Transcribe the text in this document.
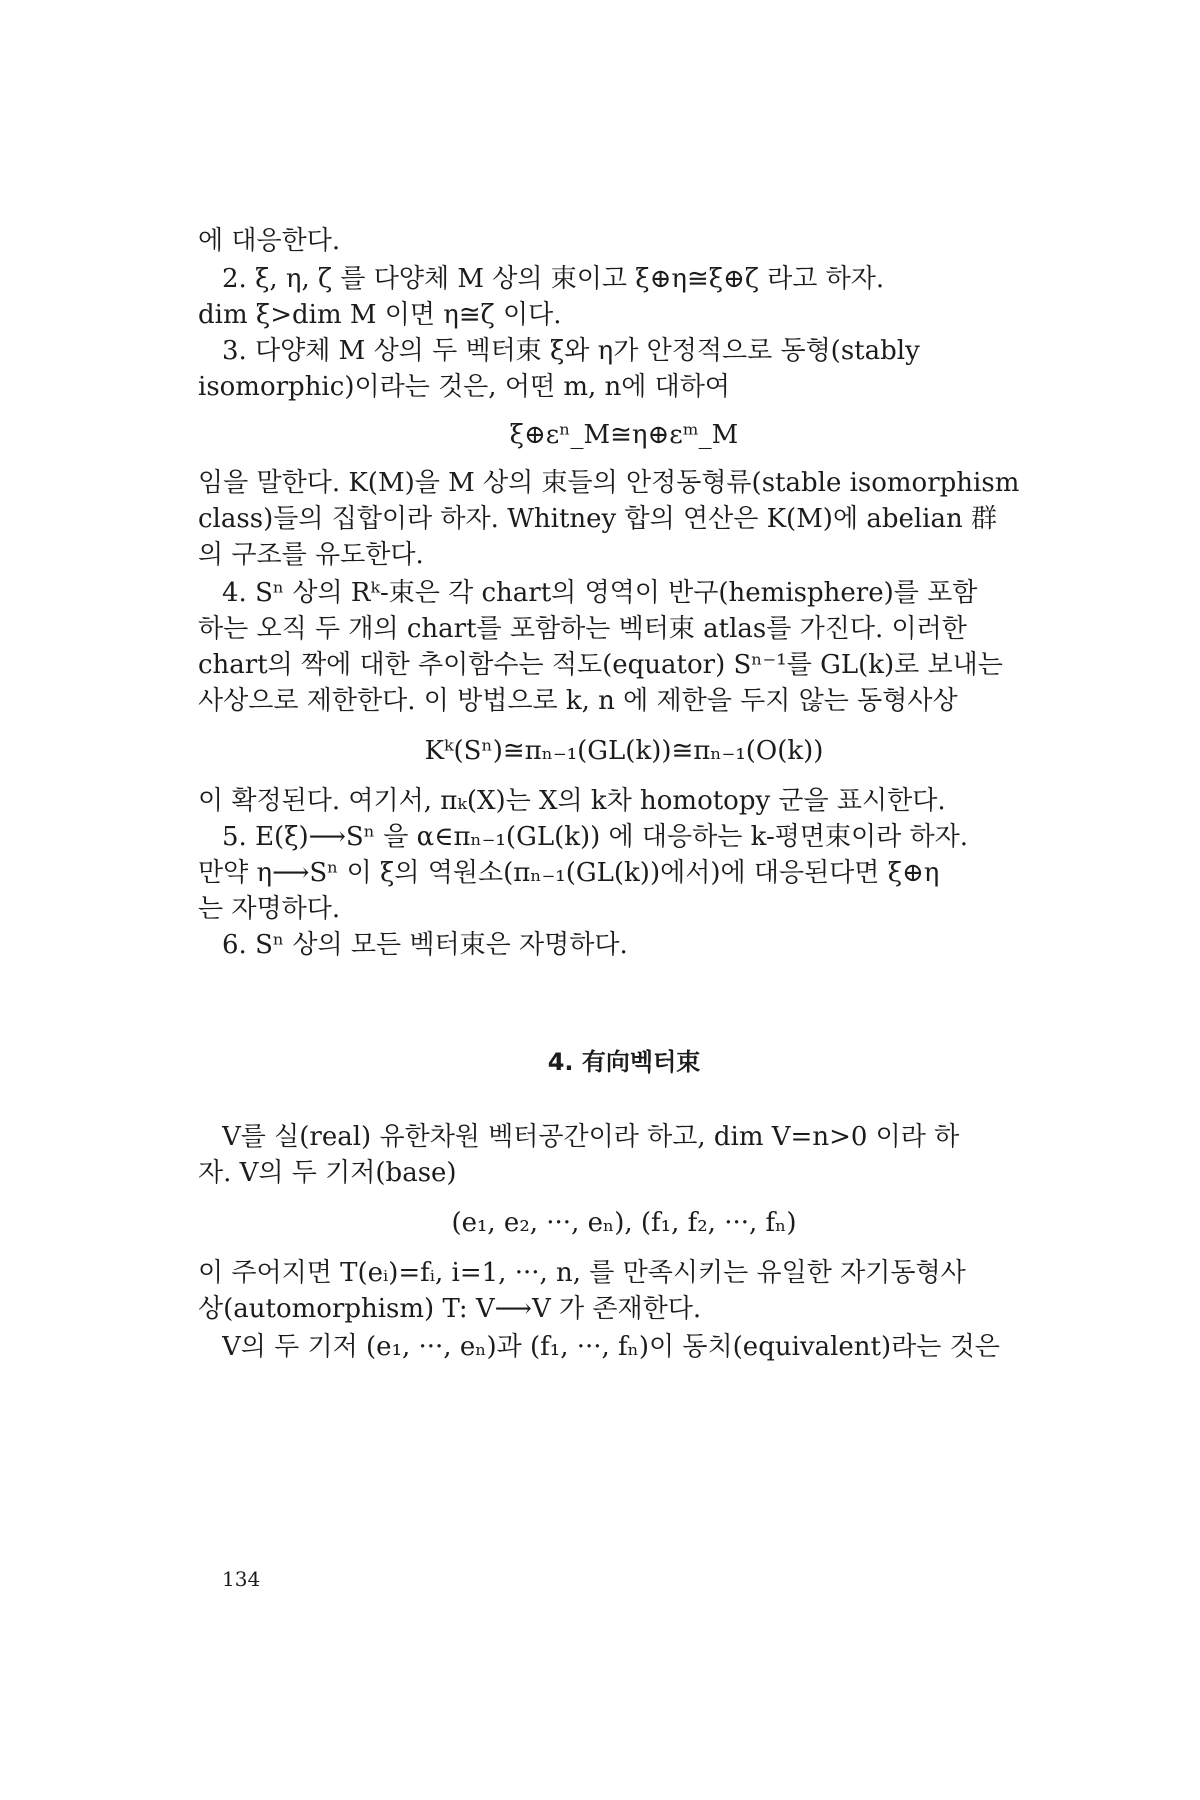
에 대응한다.
2. ξ, η, ζ 를 다양체 M 상의 束이고 ξ⊕η≅ξ⊕ζ 라고 하자.
dim ξ>dim M 이면 η≅ζ 이다.
3. 다양체 M 상의 두 벡터束 ξ와 η가 안정적으로 동형(stably
isomorphic)이라는 것은, 어떤 m, n에 대하여
ξ⊕εⁿ_M≅η⊕εᵐ_M
임을 말한다. K(M)을 M 상의 束들의 안정동형류(stable isomorphism
class)들의 집합이라 하자. Whitney 합의 연산은 K(M)에 abelian 群
의 구조를 유도한다.
4. Sⁿ 상의 Rᵏ-束은 각 chart의 영역이 반구(hemisphere)를 포함
하는 오직 두 개의 chart를 포함하는 벡터束 atlas를 가진다. 이러한
chart의 짝에 대한 추이함수는 적도(equator) Sⁿ⁻¹를 GL(k)로 보내는
사상으로 제한한다. 이 방법으로 k, n 에 제한을 두지 않는 동형사상
Kᵏ(Sⁿ)≅πₙ₋₁(GL(k))≅πₙ₋₁(O(k))
이 확정된다. 여기서, πₖ(X)는 X의 k차 homotopy 군을 표시한다.
5. E(ξ)⟶Sⁿ 을 α∈πₙ₋₁(GL(k)) 에 대응하는 k-평면束이라 하자.
만약 η⟶Sⁿ 이 ξ의 역원소(πₙ₋₁(GL(k))에서)에 대응된다면 ξ⊕η
는 자명하다.
6. Sⁿ 상의 모든 벡터束은 자명하다.
4. 有向벡터束
V를 실(real) 유한차원 벡터공간이라 하고, dim V=n>0 이라 하
자. V의 두 기저(base)
(e₁, e₂, ···, eₙ), (f₁, f₂, ···, fₙ)
이 주어지면 T(eᵢ)=fᵢ, i=1, ···, n, 를 만족시키는 유일한 자기동형사
상(automorphism) T: V⟶V 가 존재한다.
V의 두 기저 (e₁, ···, eₙ)과 (f₁, ···, fₙ)이 동치(equivalent)라는 것은
134
